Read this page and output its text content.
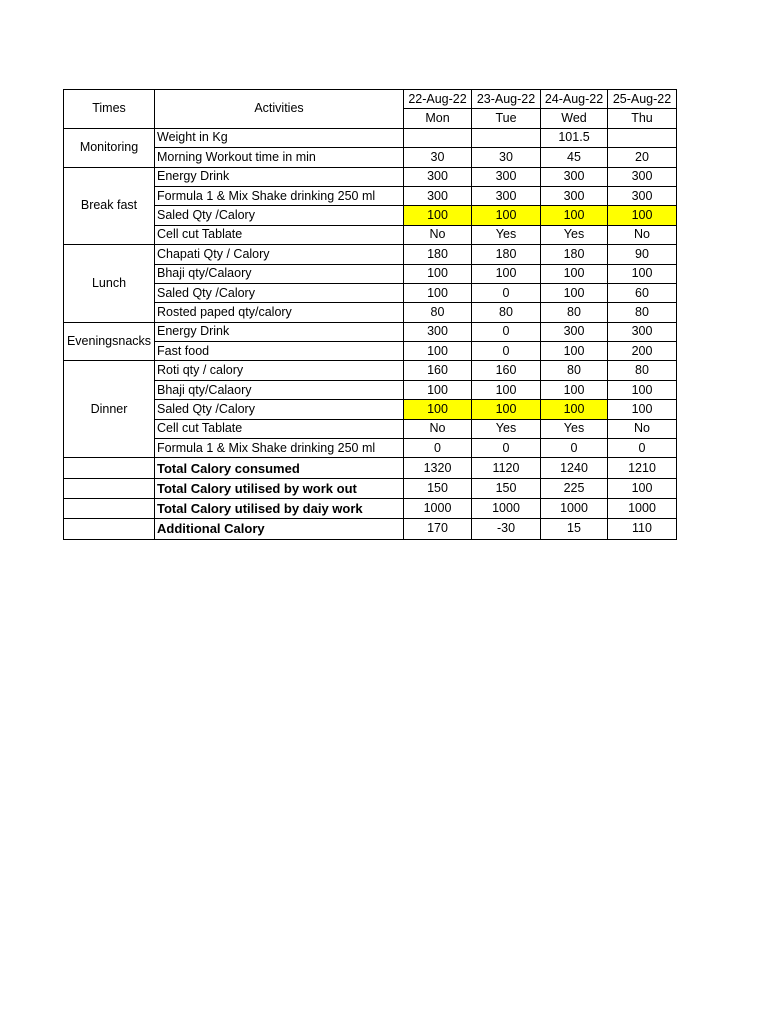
Times	Activities	22-Aug-22	23-Aug-22	24-Aug-22	25-Aug-22
		Mon	Tue	Wed	Thu
Monitoring	Weight in Kg			101.5	
	Morning Workout time in min	30	30	45	20
Break fast	Energy Drink	300	300	300	300
	Formula 1 & Mix Shake drinking 250 ml	300	300	300	300
	Saled Qty /Calory	100	100	100	100
	Cell cut Tablate	No	Yes	Yes	No
Lunch	Chapati Qty / Calory	180	180	180	90
	Bhaji qty/Calaory	100	100	100	100
	Saled Qty /Calory	100	0	100	60
	Rosted paped qty/calory	80	80	80	80
Eveningsnacks	Energy Drink	300	0	300	300
	Fast food	100	0	100	200
Dinner	Roti qty / calory	160	160	80	80
	Bhaji qty/Calaory	100	100	100	100
	Saled Qty /Calory	100	100	100	100
	Cell cut Tablate	No	Yes	Yes	No
	Formula 1 & Mix Shake drinking 250 ml	0	0	0	0
	Total Calory consumed	1320	1120	1240	1210
	Total Calory utilised by work out	150	150	225	100
	Total Calory utilised by daiy work	1000	1000	1000	1000
	Additional Calory	170	-30	15	110
